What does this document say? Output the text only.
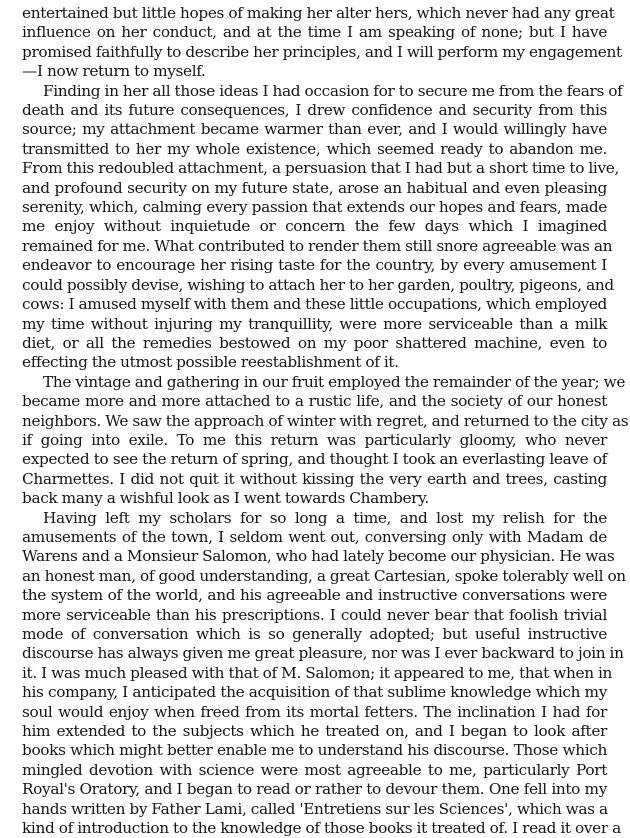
entertained but little hopes of making her alter hers, which never had any great
influence on her conduct, and at the time I am speaking of none; but I have
promised faithfully to describe her principles, and I will perform my engagement
—I now return to myself.
Finding in her all those ideas I had occasion for to secure me from the fears of
death and its future consequences, I drew confidence and security from this
source; my attachment became warmer than ever, and I would willingly have
transmitted to her my whole existence, which seemed ready to abandon me.
From this redoubled attachment, a persuasion that I had but a short time to live,
and profound security on my future state, arose an habitual and even pleasing
serenity, which, calming every passion that extends our hopes and fears, made
me enjoy without inquietude or concern the few days which I imagined
remained for me. What contributed to render them still snore agreeable was an
endeavor to encourage her rising taste for the country, by every amusement I
could possibly devise, wishing to attach her to her garden, poultry, pigeons, and
cows: I amused myself with them and these little occupations, which employed
my time without injuring my tranquillity, were more serviceable than a milk
diet, or all the remedies bestowed on my poor shattered machine, even to
effecting the utmost possible reestablishment of it.
The vintage and gathering in our fruit employed the remainder of the year; we
became more and more attached to a rustic life, and the society of our honest
neighbors. We saw the approach of winter with regret, and returned to the city as
if going into exile. To me this return was particularly gloomy, who never
expected to see the return of spring, and thought I took an everlasting leave of
Charmettes. I did not quit it without kissing the very earth and trees, casting
back many a wishful look as I went towards Chambery.
Having left my scholars for so long a time, and lost my relish for the
amusements of the town, I seldom went out, conversing only with Madam de
Warens and a Monsieur Salomon, who had lately become our physician. He was
an honest man, of good understanding, a great Cartesian, spoke tolerably well on
the system of the world, and his agreeable and instructive conversations were
more serviceable than his prescriptions. I could never bear that foolish trivial
mode of conversation which is so generally adopted; but useful instructive
discourse has always given me great pleasure, nor was I ever backward to join in
it. I was much pleased with that of M. Salomon; it appeared to me, that when in
his company, I anticipated the acquisition of that sublime knowledge which my
soul would enjoy when freed from its mortal fetters. The inclination I had for
him extended to the subjects which he treated on, and I began to look after
books which might better enable me to understand his discourse. Those which
mingled devotion with science were most agreeable to me, particularly Port
Royal's Oratory, and I began to read or rather to devour them. One fell into my
hands written by Father Lami, called 'Entretiens sur les Sciences', which was a
kind of introduction to the knowledge of those books it treated of. I read it over a
